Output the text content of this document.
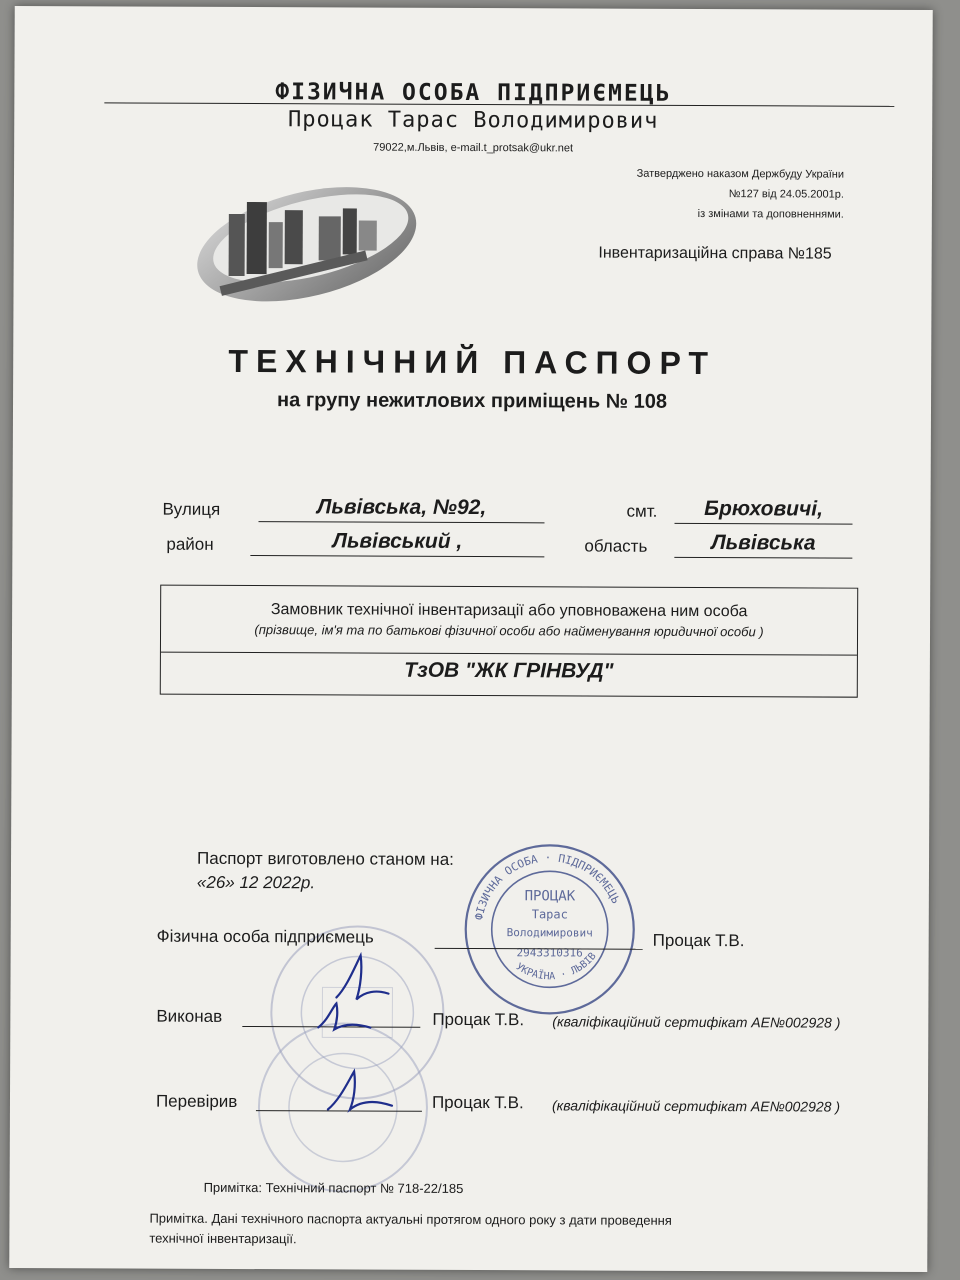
ФІЗИЧНА ОСОБА ПІДПРИЄМЕЦЬ
Процак Тарас Володимирович
79022,м.Львів, e-mail.t_protsak@ukr.net
Затверджено наказом Держбуду України
№127 від 24.05.2001р.
із змінами та доповненнями.
Інвентаризаційна справа №185
ТЕХНІЧНИЙ ПАСПОРТ
на групу нежитлових приміщень № 108
Вулиця	Львівська, №92,	смт.	Брюховичі,
район	Львівський ,	область	Львівська
Замовник технічної інвентаризації або уповноважена ним особа
(прізвище, ім'я та по батькові фізичної особи або найменування юридичної особи )
ТзОВ "ЖК ГРІНВУД"
Паспорт виготовлено станом на:
«26» 12 2022р.
ФІЗИЧНА ОСОБА · ПІДПРИЄМЕЦЬ
УКРАЇНА · ЛЬВІВ
ПРОЦАК
Тарас
Володимирович
2943310316
Фізична особа підприємець	Процак Т.В.
Виконав	Процак Т.В. (кваліфікаційний сертифікат АЕ№002928 )
Перевірив	Процак Т.В. (кваліфікаційний сертифікат АЕ№002928 )
Примітка: Технічний паспорт № 718-22/185
Примітка. Дані технічного паспорта актуальні протягом одного року з дати проведення
технічної інвентаризації.
